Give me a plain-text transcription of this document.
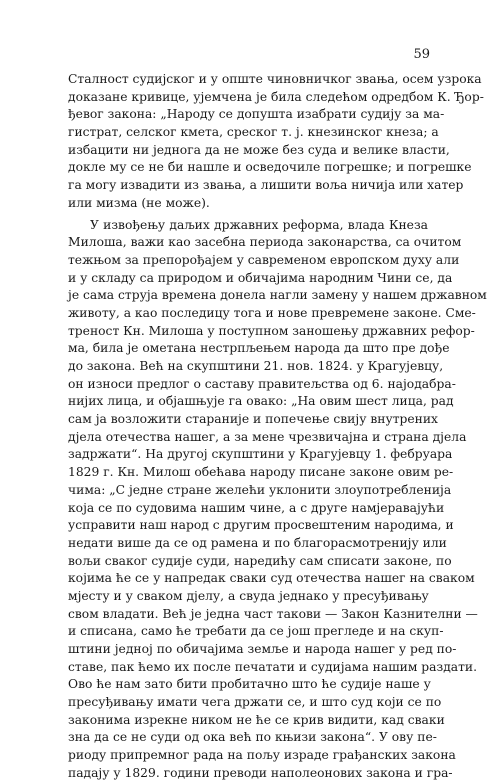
59
Сталност судијског и у опште чиновничког звања, осем узрока
доказане кривице, ујемчена је била следећом одредбом К. Ђор-
ђевог закона: „Народу се допушта изабрати судију за ма-
гистрат, селског кмета, среског т. ј. кнезинског кнеза; а
избацити ни једнога да не може без суда и велике власти,
докле му се не би нашле и осведочиле погрешке; и погрешке
га могу извадити из звања, а лишити воља ничија или хатер
или мизма (не може).
У извођењу даљих државних реформа, влада Кнеза
Милоша, важи као засебна периода законарства, са очитом
тежњом за препорођајем у савременом европском духу али
и у складу са природом и обичајима народним Чини се, да
је сама струја времена донела нагли замену у нашем државном
животу, а као последицу тога и нове превремене законе. Сме-
треност Кн. Милоша у поступном заношењу државних рефор-
ма, била је ометана нестрпљењем народа да што пре дође
до закона. Већ на скупштини 21. нов. 1824. у Крагујевцу,
он износи предлог о саставу правитељства од 6. најодабра-
нијих лица, и објашњује га овако: „На овим шест лица, рад
сам ја возложити стараније и попечење свију внутрених
дјела отечества нашег, а за мене чрезвичајна и страна дјела
задржати“. На другој скупштини у Крагујевцу 1. фебруара
1829 г. Кн. Милош обећава народу писане законе овим ре-
чима: „С једне стране желећи уклонити злоупотребленија
која се по судовима нашим чине, а с друге намјеравајући
усправити наш народ с другим просвештеним народима, и
недати више да се од рамена и по благорасмотренију или
вољи сваког судије суди, наредићу сам списати законе, по
којима ће се у напредак сваки суд отечества нашег на сваком
мјесту и у сваком дјелу, а свуда једнако у пресуђивању
свом владати. Већ је једна част такови — Закон Казнителни —
и списана, само ће требати да се још прегледе и на скуп-
штини једној по обичајима земље и народа нашег у ред по-
ставе, пак ћемо их после печатати и судијама нашим раздати.
Ово ће нам зато бити пробитачно што ће судије наше у
пресуђивању имати чега држати се, и што суд који се по
законима изрекне ником не ће се крив видити, кад сваки
зна да се не суди од ока већ по књизи закона“. У ову пе-
риоду припремног рада на пољу израде грађанских закона
падају у 1829. години преводи наполеонових закона и гра-
